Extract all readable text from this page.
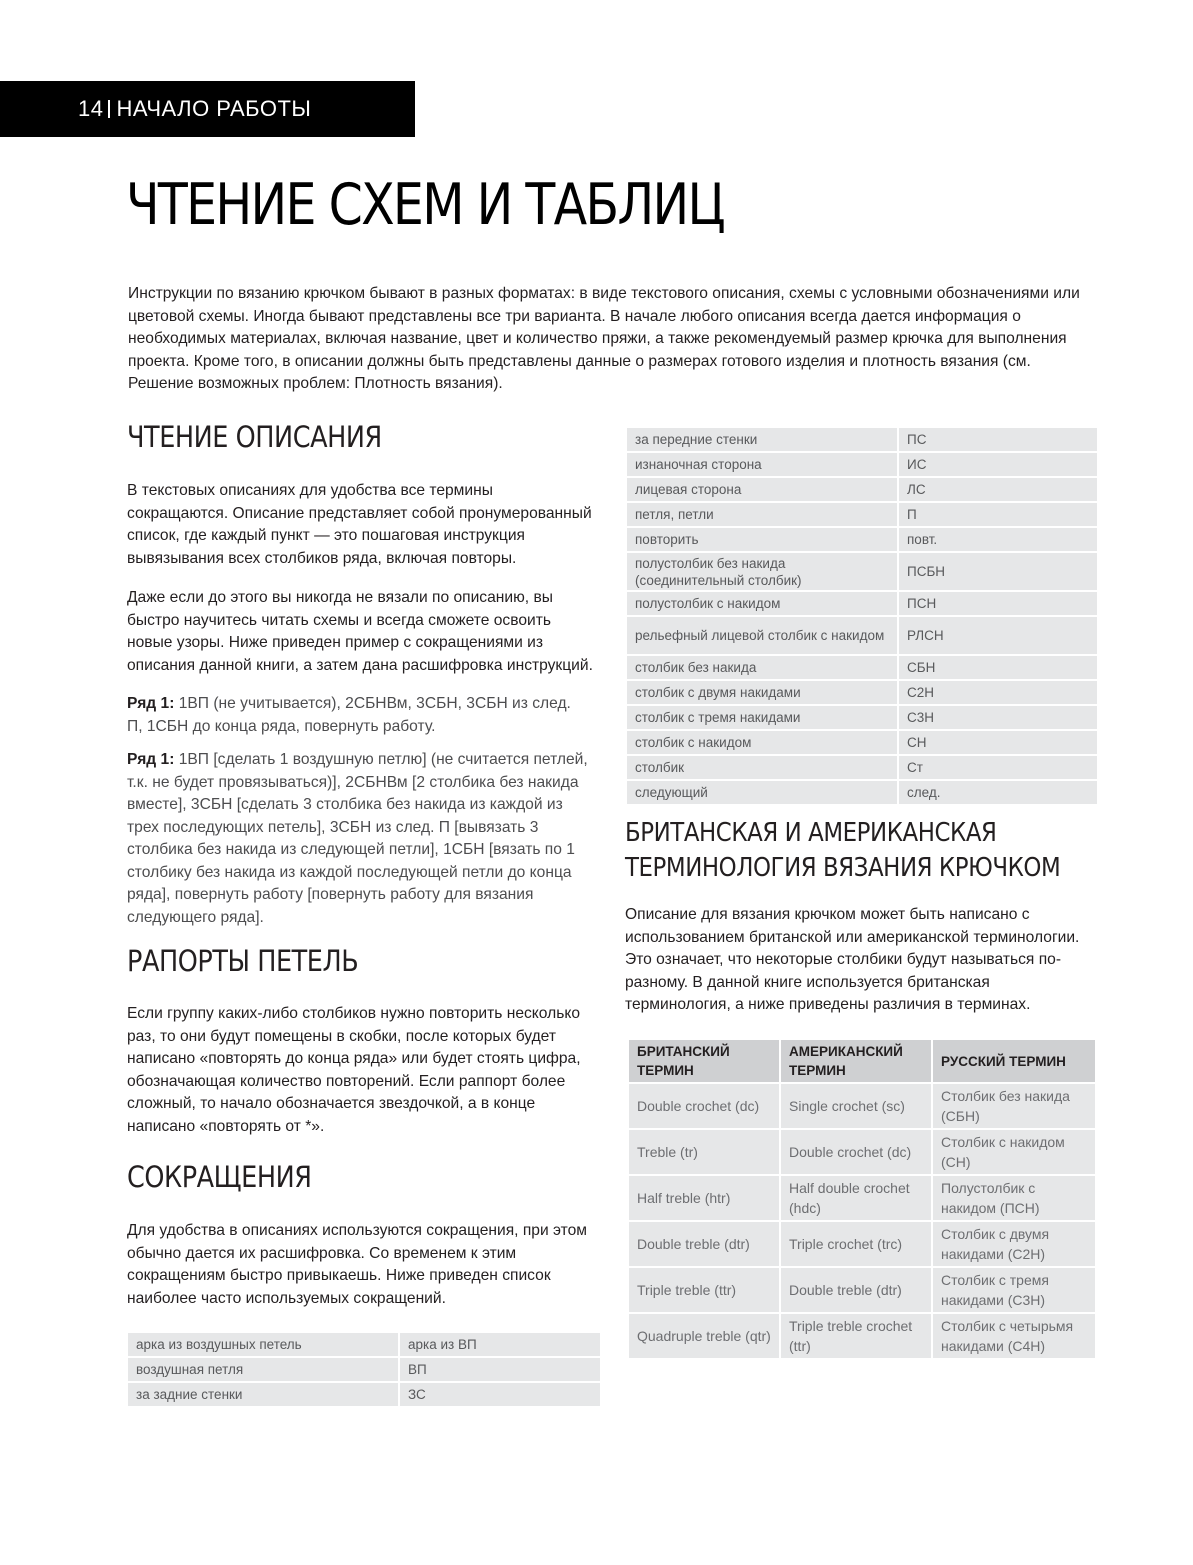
14 НАЧАЛО РАБОТЫ
ЧТЕНИЕ СХЕМ И ТАБЛИЦ

Инструкции по вязанию крючком бывают в разных форматах: в виде текстового описания, схемы с условными обозначениями или цветовой схемы. Иногда бывают представлены все три варианта. В начале любого описания всегда дается информация о необходимых материалах, включая название, цвет и количество пряжи, а также рекомендуемый размер крючка для выполнения проекта. Кроме того, в описании должны быть представлены данные о размерах готового изделия и плотность вязания (см. Решение возможных проблем: Плотность вязания).

ЧТЕНИЕ ОПИСАНИЯ

В текстовых описаниях для удобства все термины сокращаются. Описание представляет собой пронумерованный список, где каждый пункт — это пошаговая инструкция вывязывания всех столбиков ряда, включая повторы.

Даже если до этого вы никогда не вязали по описанию, вы быстро научитесь читать схемы и всегда сможете освоить новые узоры. Ниже приведен пример с сокращениями из описания данной книги, а затем дана расшифровка инструкций.

Ряд 1: 1ВП (не учитывается), 2СБНВм, 3СБН, 3СБН из след. П, 1СБН до конца ряда, повернуть работу.

Ряд 1: 1ВП [сделать 1 воздушную петлю] (не считается петлей, т.к. не будет провязываться)], 2СБНВм [2 столбика без накида вместе], 3СБН [сделать 3 столбика без накида из каждой из трех последующих петель], 3СБН из след. П [вывязать 3 столбика без накида из следующей петли], 1СБН [вязать по 1 столбику без накида из каждой последующей петли до конца ряда], повернуть работу [повернуть работу для вязания следующего ряда].

РАПОРТЫ ПЕТЕЛЬ

Если группу каких-либо столбиков нужно повторить несколько раз, то они будут помещены в скобки, после которых будет написано «повторять до конца ряда» или будет стоять цифра, обозначающая количество повторений. Если раппорт более сложный, то начало обозначается звездочкой, а в конце написано «повторять от *».

СОКРАЩЕНИЯ

Для удобства в описаниях используются сокращения, при этом обычно дается их расшифровка. Со временем к этим сокращениям быстро привыкаешь. Ниже приведен список наиболее часто используемых сокращений.

арка из воздушных петель		арка из ВП
воздушная петля		ВП
за задние стенки		ЗС
за передние стенки		ПС
изнаночная сторона		ИС
лицевая сторона		ЛС
петля, петли		П
повторить		повт.
полустолбик без накида (соединительный столбик)		ПСБН
полустолбик с накидом		ПСН
рельефный лицевой столбик с накидом		РЛСН
столбик без накида		СБН
столбик с двумя накидами		С2Н
столбик с тремя накидами		С3Н
столбик с накидом		СН
столбик		Ст
следующий		след.
БРИТАНСКАЯ И АМЕРИКАНСКАЯ
ТЕРМИНОЛОГИЯ ВЯЗАНИЯ КРЮЧКОМ

Описание для вязания крючком может быть написано с использованием британской или американской терминологии. Это означает, что некоторые столбики будут называться по-разному. В данной книге используется британская терминология, а ниже приведены различия в терминах.

БРИТАНСКИЙ ТЕРМИН	АМЕРИКАНСКИЙ ТЕРМИН	РУССКИЙ ТЕРМИН
Double crochet (dc)	Single crochet (sc)	Столбик без накида (СБН)
Treble (tr)	Double crochet (dc)	Столбик с накидом (СН)
Half treble (htr)	Half double crochet (hdc)	Полустолбик с накидом (ПСН)
Double treble (dtr)	Triple crochet (trc)	Столбик с двумя накидами (С2Н)
Triple treble (ttr)	Double treble (dtr)	Столбик с тремя накидами (С3Н)
Quadruple treble (qtr)	Triple treble crochet (ttr)	Столбик с четырьмя накидами (С4Н)
